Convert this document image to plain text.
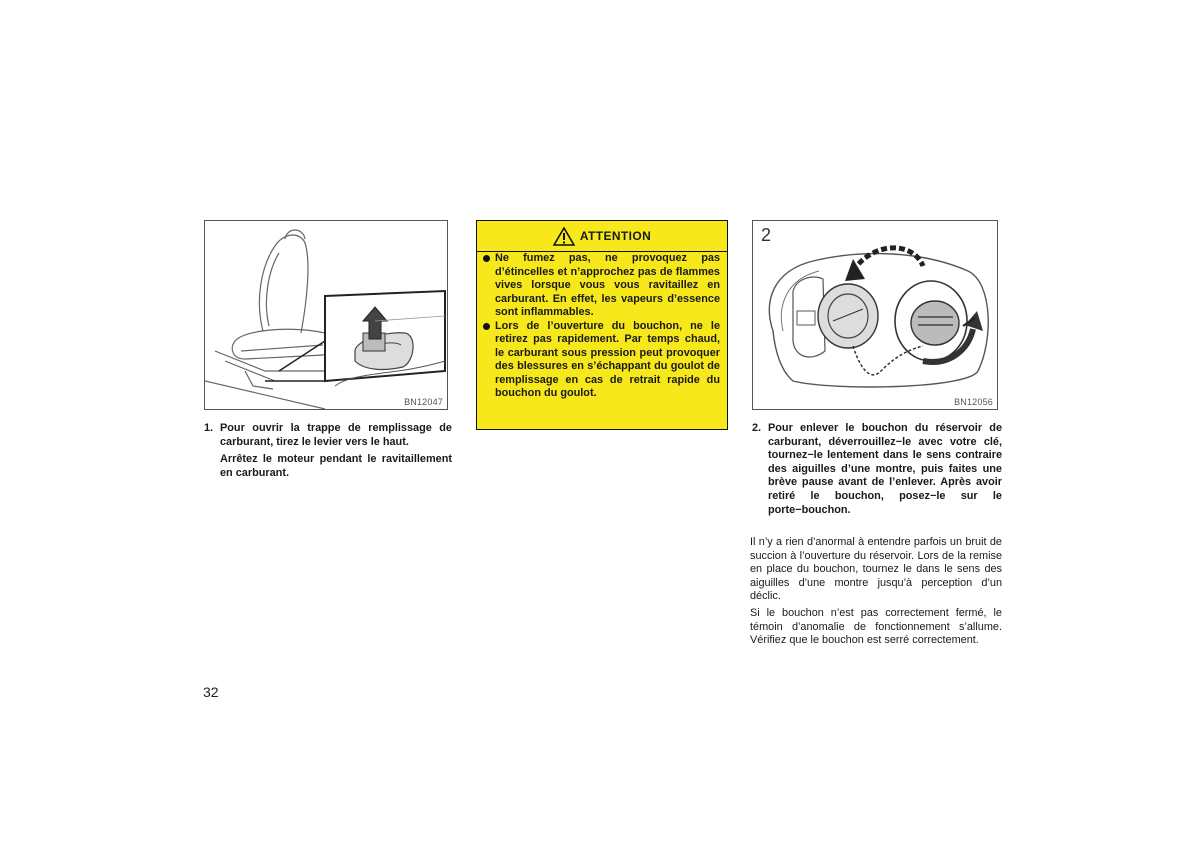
BN12047
1. Pour ouvrir la trappe de remplissage de carburant, tirez le levier vers le haut.

Arrêtez le moteur pendant le ravitaillement en carburant.

ATTENTION
Ne fumez pas, ne provoquez pas d’étincelles et n’approchez pas de flammes vives lorsque vous vous ravitaillez en carburant. En effet, les vapeurs d’essence sont inflammables.
Lors de l’ouverture du bouchon, ne le retirez pas rapidement. Par temps chaud, le carburant sous pression peut provoquer des blessures en s’échappant du goulot de remplissage en cas de retrait rapide du bouchon du goulot.
2
BN12056
2. Pour enlever le bouchon du réservoir de carburant, déverrouillez−le avec votre clé, tournez−le lentement dans le sens contraire des aiguilles d’une montre, puis faites une brève pause avant de l’enlever. Après avoir retiré le bouchon, posez−le sur le porte−bouchon.

Il n’y a rien d’anormal à entendre parfois un bruit de succion à l’ouverture du réservoir. Lors de la remise en place du bouchon, tournez le dans le sens des aiguilles d’une montre jusqu’à perception d’un déclic.

Si le bouchon n’est pas correctement fermé, le témoin d’anomalie de fonctionnement s’allume. Vérifiez que le bouchon est serré correctement.

32
